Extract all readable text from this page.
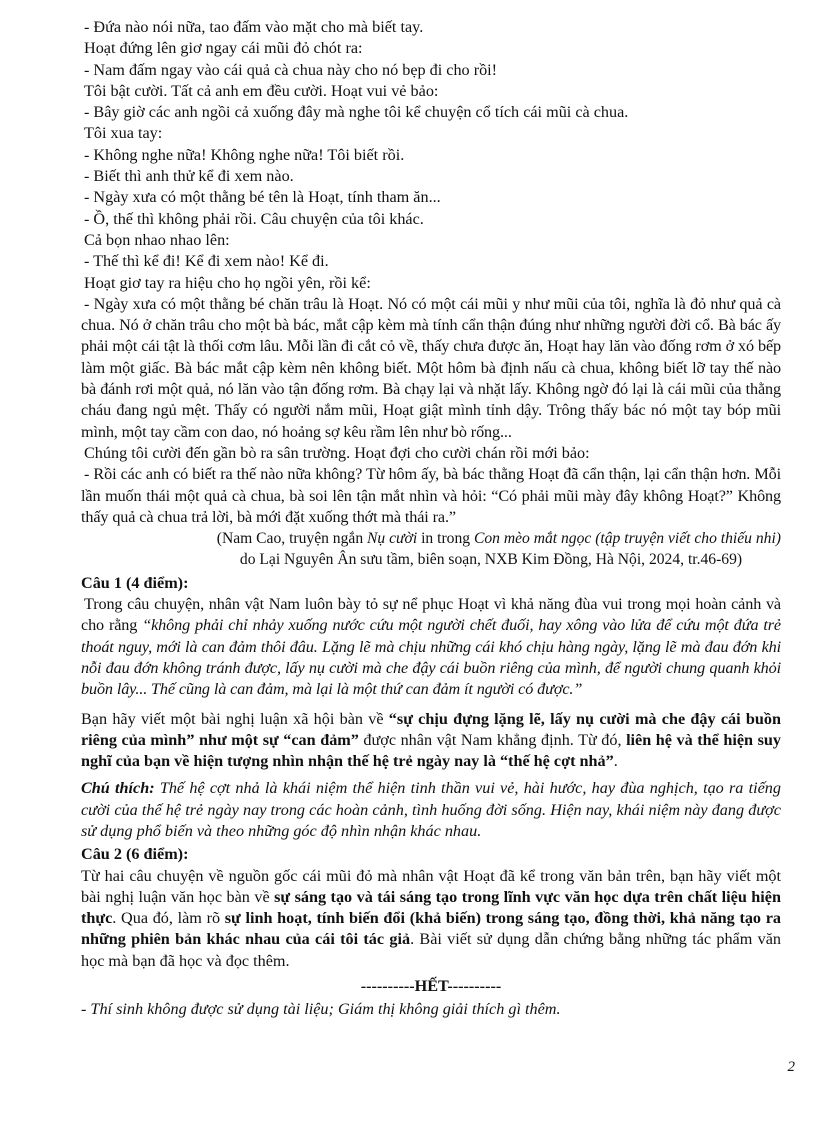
- Đứa nào nói nữa, tao đấm vào mặt cho mà biết tay.

Hoạt đứng lên giơ ngay cái mũi đỏ chót ra:

- Nam đấm ngay vào cái quả cà chua này cho nó bẹp đi cho rồi!

Tôi bật cười. Tất cả anh em đều cười. Hoạt vui vẻ bảo:

- Bây giờ các anh ngồi cả xuống đây mà nghe tôi kể chuyện cổ tích cái mũi cà chua.

Tôi xua tay:

- Không nghe nữa! Không nghe nữa! Tôi biết rồi.

- Biết thì anh thử kể đi xem nào.

- Ngày xưa có một thằng bé tên là Hoạt, tính tham ăn...

- Ồ, thế thì không phải rồi. Câu chuyện của tôi khác.

Cả bọn nhao nhao lên:

- Thế thì kể đi! Kể đi xem nào! Kể đi.

Hoạt giơ tay ra hiệu cho họ ngồi yên, rồi kể:

- Ngày xưa có một thằng bé chăn trâu là Hoạt. Nó có một cái mũi y như mũi của tôi, nghĩa là đỏ như quả cà chua. Nó ở chăn trâu cho một bà bác, mắt cập kèm mà tính cẩn thận đúng như những người đời cổ. Bà bác ấy phải một cái tật là thối cơm lâu. Mỗi lần đi cắt cỏ về, thấy chưa được ăn, Hoạt hay lăn vào đống rơm ở xó bếp làm một giấc. Bà bác mắt cập kèm nên không biết. Một hôm bà định nấu cà chua, không biết lỡ tay thế nào bà đánh rơi một quả, nó lăn vào tận đống rơm. Bà chạy lại và nhặt lấy. Không ngờ đó lại là cái mũi của thằng cháu đang ngủ mệt. Thấy có người nắm mũi, Hoạt giật mình tỉnh dậy. Trông thấy bác nó một tay bóp mũi mình, một tay cầm con dao, nó hoảng sợ kêu rầm lên như bò rống...

Chúng tôi cười đến gần bò ra sân trường. Hoạt đợi cho cười chán rồi mới bảo:

- Rồi các anh có biết ra thế nào nữa không? Từ hôm ấy, bà bác thằng Hoạt đã cẩn thận, lại cẩn thận hơn. Mỗi lần muốn thái một quả cà chua, bà soi lên tận mắt nhìn và hỏi: “Có phải mũi mày đây không Hoạt?” Không thấy quả cà chua trả lời, bà mới đặt xuống thớt mà thái ra.”

(Nam Cao, truyện ngắn Nụ cười in trong Con mèo mắt ngọc (tập truyện viết cho thiếu nhi)

do Lại Nguyên Ân sưu tầm, biên soạn, NXB Kim Đồng, Hà Nội, 2024, tr.46-69)

Câu 1 (4 điểm):

Trong câu chuyện, nhân vật Nam luôn bày tỏ sự nể phục Hoạt vì khả năng đùa vui trong mọi hoàn cảnh và cho rằng “không phải chỉ nhảy xuống nước cứu một người chết đuối, hay xông vào lửa để cứu một đứa trẻ thoát nguy, mới là can đảm thôi đâu. Lặng lẽ mà chịu những cái khó chịu hàng ngày, lặng lẽ mà đau đớn khi nỗi đau đớn không tránh được, lấy nụ cười mà che đậy cái buồn riêng của mình, để người chung quanh khỏi buồn lây... Thế cũng là can đảm, mà lại là một thứ can đảm ít người có được.”

Bạn hãy viết một bài nghị luận xã hội bàn về “sự chịu đựng lặng lẽ, lấy nụ cười mà che đậy cái buồn riêng của mình” như một sự “can đảm” được nhân vật Nam khẳng định. Từ đó, liên hệ và thể hiện suy nghĩ của bạn về hiện tượng nhìn nhận thế hệ trẻ ngày nay là “thế hệ cợt nhả”.

Chú thích: Thế hệ cợt nhả là khái niệm thể hiện tinh thần vui vẻ, hài hước, hay đùa nghịch, tạo ra tiếng cười của thế hệ trẻ ngày nay trong các hoàn cảnh, tình huống đời sống. Hiện nay, khái niệm này đang được sử dụng phổ biến và theo những góc độ nhìn nhận khác nhau.

Câu 2 (6 điểm):

Từ hai câu chuyện về nguồn gốc cái mũi đỏ mà nhân vật Hoạt đã kể trong văn bản trên, bạn hãy viết một bài nghị luận văn học bàn về sự sáng tạo và tái sáng tạo trong lĩnh vực văn học dựa trên chất liệu hiện thực. Qua đó, làm rõ sự linh hoạt, tính biến đổi (khả biến) trong sáng tạo, đồng thời, khả năng tạo ra những phiên bản khác nhau của cái tôi tác giả. Bài viết sử dụng dẫn chứng bằng những tác phẩm văn học mà bạn đã học và đọc thêm.

----------HẾT----------

- Thí sinh không được sử dụng tài liệu; Giám thị không giải thích gì thêm.

2
